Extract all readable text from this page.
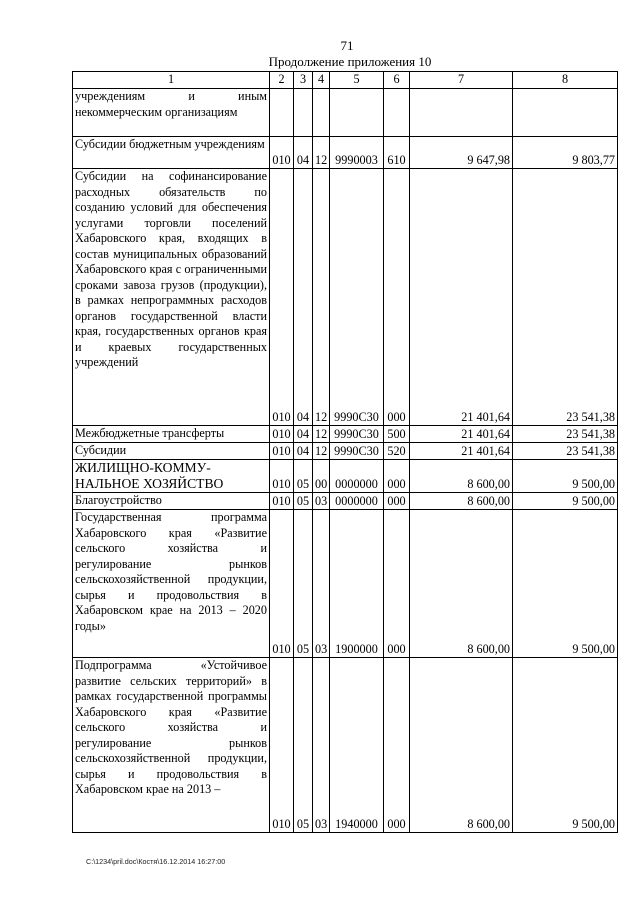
71
Продолжение приложения 10
1	2	3	4	5	6	7	8
учреждениям и иным некоммерческим организациям							
Субсидии бюджетным учреждениям	010	04	12	9990003	610	9 647,98	9 803,77
Субсидии на софинансирование расходных обязательств по созданию условий для обеспечения услугами торговли поселений Хабаровского края, входящих в состав муниципальных образований Хабаровского края с ограниченными сроками завоза грузов (продукции), в рамках непрограммных расходов органов государственной власти края, государственных органов края и краевых государственных учреждений	010	04	12	9990С30	000	21 401,64	23 541,38
Межбюджетные трансферты	010	04	12	9990С30	500	21 401,64	23 541,38
Субсидии	010	04	12	9990С30	520	21 401,64	23 541,38
ЖИЛИЩНО-КОММУ-НАЛЬНОЕ ХОЗЯЙСТВО	010	05	00	0000000	000	8 600,00	9 500,00
Благоустройство	010	05	03	0000000	000	8 600,00	9 500,00
Государственная программа Хабаровского края «Развитие сельского хозяйства и регулирование рынков сельскохозяйственной продукции, сырья и продовольствия в Хабаровском крае на 2013 – 2020 годы»	010	05	03	1900000	000	8 600,00	9 500,00
Подпрограмма «Устойчивое развитие сельских территорий» в рамках государственной программы Хабаровского края «Развитие сельского хозяйства и регулирование рынков сельскохозяйственной продукции, сырья и продовольствия в Хабаровском крае на 2013 –	010	05	03	1940000	000	8 600,00	9 500,00
C:\1234\pril.doc\Костя\16.12.2014 16:27:00
